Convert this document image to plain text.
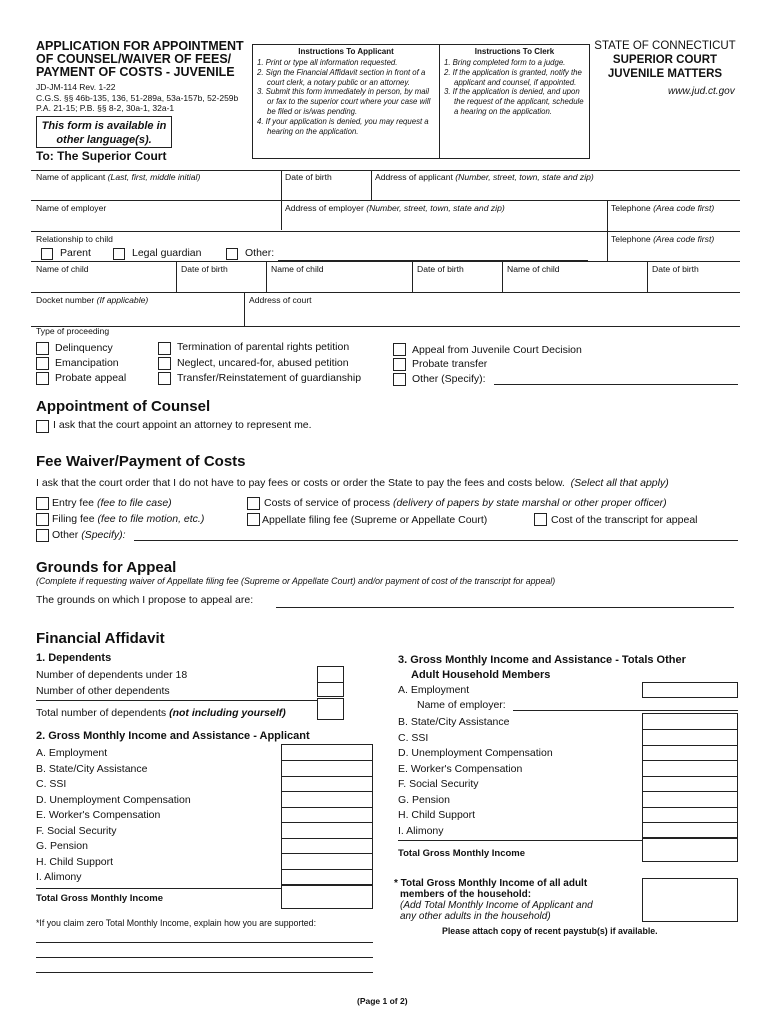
APPLICATION FOR APPOINTMENT
OF COUNSEL/WAIVER OF FEES/
PAYMENT OF COSTS - JUVENILE
JD-JM-114 Rev. 1-22
C.G.S. §§ 46b-135, 136, 51-289a, 53a-157b, 52-259b
P.A. 21-15; P.B. §§ 8-2, 30a-1, 32a-1
This form is available in
other language(s).
To: The Superior Court
Instructions To Applicant
1. Print or type all information requested.
2. Sign the Financial Affidavit section in front of a court clerk, a notary public or an attorney.
3. Submit this form immediately in person, by mail or fax to the superior court where your case will be filed or is/was pending.
4. If your application is denied, you may request a hearing on the application.
Instructions To Clerk
1. Bring completed form to a judge.
2. If the application is granted, notify the applicant and counsel, if appointed.
3. If the application is denied, and upon the request of the applicant, schedule a hearing on the application.
STATE OF CONNECTICUT
SUPERIOR COURT
JUVENILE MATTERS
www.jud.ct.gov
Name of applicant (Last, first, middle initial)	Date of birth	Address of applicant (Number, street, town, state and zip)
Name of employer	Address of employer (Number, street, town, state and zip)	Telephone (Area code first)
Relationship to child	Telephone (Area code first)
Parent	Legal guardian	Other:
Name of child	Date of birth	Name of child	Date of birth	Name of child	Date of birth
Docket number (If applicable)	Address of court
Type of proceeding
Delinquency
Emancipation
Probate appeal
Termination of parental rights petition
Neglect, uncared-for, abused petition
Transfer/Reinstatement of guardianship
Appeal from Juvenile Court Decision
Probate transfer
Other (Specify):
Appointment of Counsel
I ask that the court appoint an attorney to represent me.
Fee Waiver/Payment of Costs
I ask that the court order that I do not have to pay fees or costs or order the State to pay the fees and costs below. (Select all that apply)
Entry fee (fee to file case)
Filing fee (fee to file motion, etc.)
Other (Specify):
Costs of service of process (delivery of papers by state marshal or other proper officer)
Appellate filing fee (Supreme or Appellate Court)	Cost of the transcript for appeal
Grounds for Appeal
(Complete if requesting waiver of Appellate filing fee (Supreme or Appellate Court) and/or payment of cost of the transcript for appeal)
The grounds on which I propose to appeal are:
Financial Affidavit
1. Dependents
Number of dependents under 18
Number of other dependents
Total number of dependents (not including yourself)
2. Gross Monthly Income and Assistance - Applicant
A. Employment
B. State/City Assistance
C. SSI
D. Unemployment Compensation
E. Worker's Compensation
F. Social Security
G. Pension
H. Child Support
I. Alimony
Total Gross Monthly Income
*If you claim zero Total Monthly Income, explain how you are supported:
3. Gross Monthly Income and Assistance - Totals Other
Adult Household Members
A. Employment
Name of employer:
B. State/City Assistance
C. SSI
D. Unemployment Compensation
E. Worker's Compensation
F. Social Security
G. Pension
H. Child Support
I. Alimony
Total Gross Monthly Income
* Total Gross Monthly Income of all adult
members of the household:
(Add Total Monthly Income of Applicant and
any other adults in the household)
Please attach copy of recent paystub(s) if available.
(Page 1 of 2)
